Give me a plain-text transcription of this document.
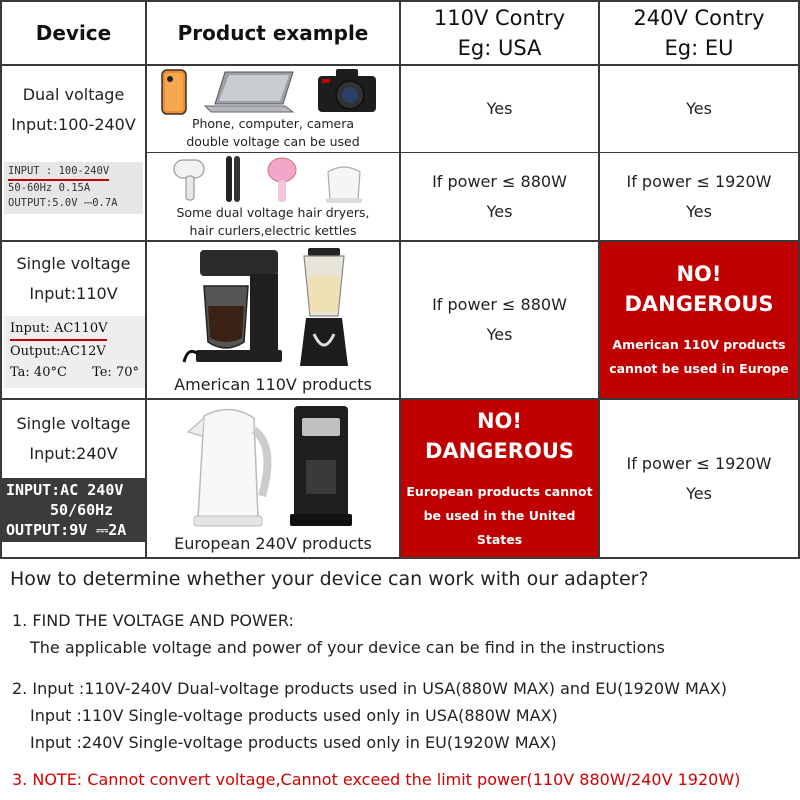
Device	Product example
110V Contry
Eg: USA
240V Contry
Eg: EU
Dual voltage
Input:100-240V
INPUT : 100-240V
50-60Hz 0.15A
OUTPUT:5.0V ⎓0.7A
Phone, computer, camera
double voltage can be used
Yes	Yes
Some dual voltage hair dryers,
hair curlers,electric kettles
If power ≤ 880W
Yes
If power ≤ 1920W
Yes
Single voltage
Input:110V
Input: AC110V
Output:AC12V
Ta: 40°C Te: 70°
American 110V products
If power ≤ 880W
Yes
NO!
DANGEROUS
American 110V products
cannot be used in Europe
Single voltage
Input:240V
INPUT:AC 240V
50/60Hz
OUTPUT:9V ⎓2A
European 240V products
NO!
DANGEROUS
European products cannot
be used in the United States
If power ≤ 1920W
Yes
How to determine whether your device can work with our adapter?
1. FIND THE VOLTAGE AND POWER:
The applicable voltage and power of your device can be find in the instructions
2. Input :110V-240V Dual-voltage products used in USA(880W MAX) and EU(1920W MAX)
Input :110V Single-voltage products used only in USA(880W MAX)
Input :240V Single-voltage products used only in EU(1920W MAX)
3. NOTE: Cannot convert voltage,Cannot exceed the limit power(110V 880W/240V 1920W)
